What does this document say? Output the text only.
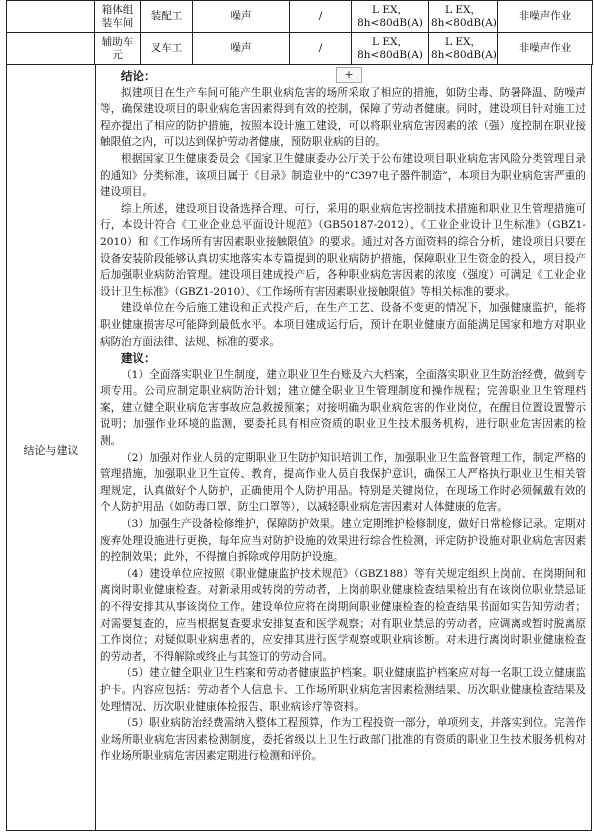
	箱体组装车间	装配工	噪声	/	L EX，8h<80dB(A)	L EX，8h<80dB(A)	非噪声作业
	辅助车元	叉车工	噪声	/	L EX，8h<80dB(A)	L EX，8h<80dB(A)	非噪声作业
结论与建议
结论：

拟建项目在生产车间可能产生职业病危害的场所采取了相应的措施，如防尘毒、防暑降温、防噪声等，确保建设项目的职业病危害因素得到有效的控制，保障了劳动者健康。同时，建设项目针对施工过程亦提出了相应的防护措施，按照本设计施工建设，可以将职业病危害因素的浓（强）度控制在职业接触限值之内，可以达到保护劳动者健康，预防职业病的目的。

根据国家卫生健康委员会《国家卫生健康委办公厅关于公布建设项目职业病危害风险分类管理目录的通知》分类标准，该项目属于《目录》制造业中的“C397电子器件制造”，本项目为职业病危害严重的建设项目。

综上所述，建设项目设备选择合理、可行，采用的职业病危害控制技术措施和职业卫生管理措施可行，本设计符合《工业企业总平面设计规范》（GB50187-2012）、《工业企业设计卫生标准》（GBZ1-2010）和《工作场所有害因素职业接触限值》的要求。通过对各方面资料的综合分析，建设项目只要在设备安装阶段能够认真切实地落实本专篇提到的职业病防护措施，保障职业卫生资金的投入，项目投产后加强职业病防治管理。建设项目建成投产后，各种职业病危害因素的浓度（强度）可满足《工业企业设计卫生标准》（GBZ1-2010）、《工作场所有害因素职业接触限值》等相关标准的要求。

建设单位在今后施工建设和正式投产后，在生产工艺、设备不变更的情况下，加强健康监护，能将职业健康损害尽可能降到最低水平。本项目建成运行后，预计在职业健康方面能满足国家和地方对职业病防治方面法律、法规、标准的要求。

建议：

（1）全面落实职业卫生制度，建立职业卫生台账及六大档案，全面落实职业卫生防治经费，做到专项专用。公司应制定职业病防治计划；建立健全职业卫生管理制度和操作规程；完善职业卫生管理档案，建立健全职业病危害事故应急救援预案；对接明确为职业病危害的作业岗位，在醒目位置设置警示说明；加强作业环境的监测，要委托具有相应资质的职业卫生技术服务机构，进行职业危害因素的检测。

（2）加强对作业人员的定期职业卫生防护知识培训工作，加强职业卫生监督管理工作，制定严格的管理措施，加强职业卫生宣传、教育，提高作业人员自我保护意识，确保工人严格执行职业卫生相关管理规定，认真做好个人防护，正确使用个人防护用品。特别是关键岗位，在现场工作时必须佩戴有效的个人防护用品（如防毒口罩、防尘口罩等），以减轻职业病危害因素对人体健康的危害。

（3）加强生产设备检修维护，保障防护效果。建立定期维护检修制度，做好日常检修记录。定期对废弃处理设施进行更换，每年应当对防护设施的效果进行综合性检测，评定防护设施对职业病危害因素的控制效果；此外，不得擅自拆除或停用防护设施。

（4）建设单位应按照《职业健康监护技术规范》（GBZ188）等有关规定组织上岗前、在岗期间和离岗时职业健康检查。对新录用或转岗的劳动者，上岗前职业健康检查结果检出有在该岗位职业禁忌证的不得安排其从事该岗位工作。建设单位应将在岗期间职业健康检查的检查结果书面如实告知劳动者；对需要复查的，应当根据复查要求安排复查和医学观察；对有职业禁忌的劳动者，应调离或暂时脱离原工作岗位；对疑似职业病患者的，应安排其进行医学观察或职业病诊断。对未进行离岗时职业健康检查的劳动者，不得解除或终止与其签订的劳动合同。

（5）建立健全职业卫生档案和劳动者健康监护档案。职业健康监护档案应对每一名职工设立健康监护卡。内容应包括：劳动者个人信息卡、工作场所职业病危害因素检测结果、历次职业健康检查结果及处理情况、历次职业健康体检报告、职业病诊疗等资料。

（5）职业病防治经费需纳入整体工程预算，作为工程投资一部分，单项列支，并落实到位。完善作业场所职业病危害因素检测制度，委托省级以上卫生行政部门批准的有资质的职业卫生技术服务机构对作业场所职业病危害因素定期进行检测和评价。

+
